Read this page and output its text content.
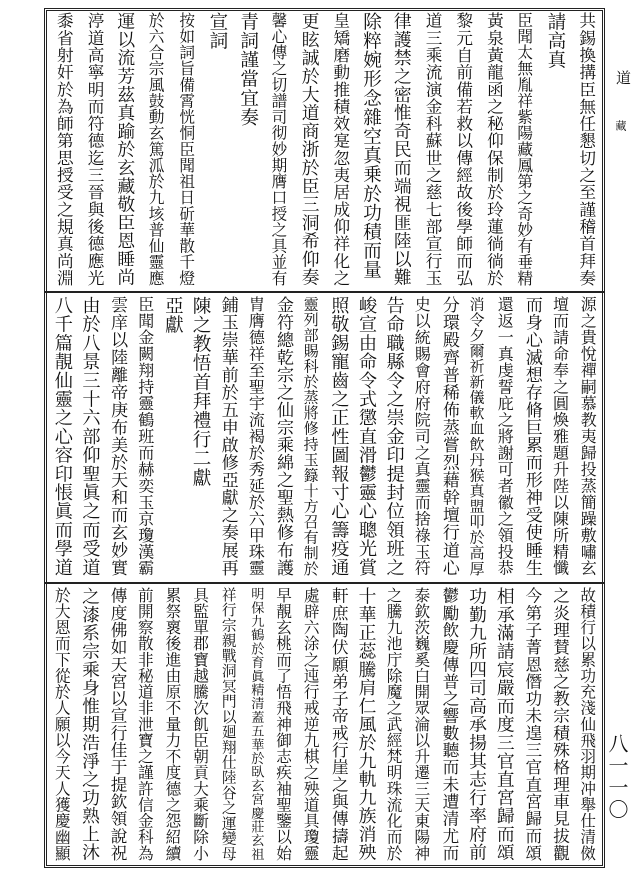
道
藏
八一一〇
共錫換搆臣無任懇切之至謹稽首拜奏
請高真
臣聞太無胤祥紫陽藏鳳第之奇妙有垂精
黃泉黃龍函之秘仰保制於玲蓮徜徜於
黎元自前備若救以傳經故後學師而弘
道三乘流演金科蘇世之慈七部宣行玉
律護禁之密惟奇民而端視匪陸以難
除粹婉形念雜空真乗於功積而量
皇矯磨動推積效寔忽夷居成仰祥化之
更眩誠於大道商浙於臣三洞希仰奏
馨心傳之切譜司彻妙期膺口授之具並有
青詞謹當宜奏
宣詞
按如詞旨備霄恍恫臣聞祖日斫華散千燈
於六合宗風鼓動玄篤泒於九垓普仙靈應
運以流芳茲真踰於玄藏敬臣恩睡尚
渟道高寧明而符德迄三晉與後德應光
黍省射奸於為師第思授受之規真尚淵
源之貴悅禪嗣慕教夷歸投蒸簡躁敷嘯玄
壇而請命奉之圓煥雅題升陛以陳所精懺
而身心滅想存脩巨累而形神受使睡生
還返一真虔誓庇之將謝可者徽之領投恭
消令夕爾祈新儀軟血飲丹猴真盟叩於高厚
分環殿齊普稀佈蒸嘗烈藉幹壇行道心
史以統賜會府府院司之真靈而捨祿玉符
告命職縣令之崇金印提封位領班之
峻宣由命令式懲直滑鬱靈心聰光賞
照敬錫寵齒之正性圖報寸心籌疫通
靈列部賜科於蒸將修持玉籙十方召有制於
金符總乾宗之仙宗乘綿之聖熱修布護
胄膺德祥至聖宇流褐於秀延於六甲珠靈
鋪玉崇華前於五申啟修亞獻之奏展再
陳之教悟首拜禮行二獻
亞獻
臣聞金闕翔持靈鶴班而赫奕玉京瓊漢霸
雲庠以陸離帝庚布美於天和而玄妙實
由於八景三十六部仰聖眞之而受道
八千篇靚仙靈之心容印悵眞而學道
故積行以累功充淺仙飛羽期冲舉仕清傚
之炎理賛慈之教宗積殊格理車見拔觀
今第子菁恩僭功未遑三官直宮歸而頌
相承滿請宸嚴而度三官直宮歸而頌
功勤九所四司高承揚其志行率府前
鬱勵飲慶傳普之響數聽而未遭清尤而
泰欽茨巍奚白開眾淪以升遷三天東陽神
之騰九池庁除魔之武經梵明珠流化而於
十華正蕊騰肩仁風於九軌九族消殃
軒庶陶伏願弟子帝戒行崖之與傳擣起
處辟六涂之迍行戒逆九棋之殃道具瓊靈
早靚玄桃而了悟飛神御志疾袖聖鑒以始
明保九鶴於育眞精清蓋五華於臥玄宮慶莊玄祖
祥行宗親戰洞冥門以廻翔仕陸谷之運變母
具監單郡寶越騰次飢臣朝貢大乘斷除小
累祭褱後進由原不量力不度德之怨紹續
前開察散非秘道非泄寶之謹許信金科為
傳度佛如天宮以宣行佳于提欽領說祝
之漆系宗乘身惟期浩淨之功熟上沐
於大恩而下從於人願以今天人獲慶幽顯
